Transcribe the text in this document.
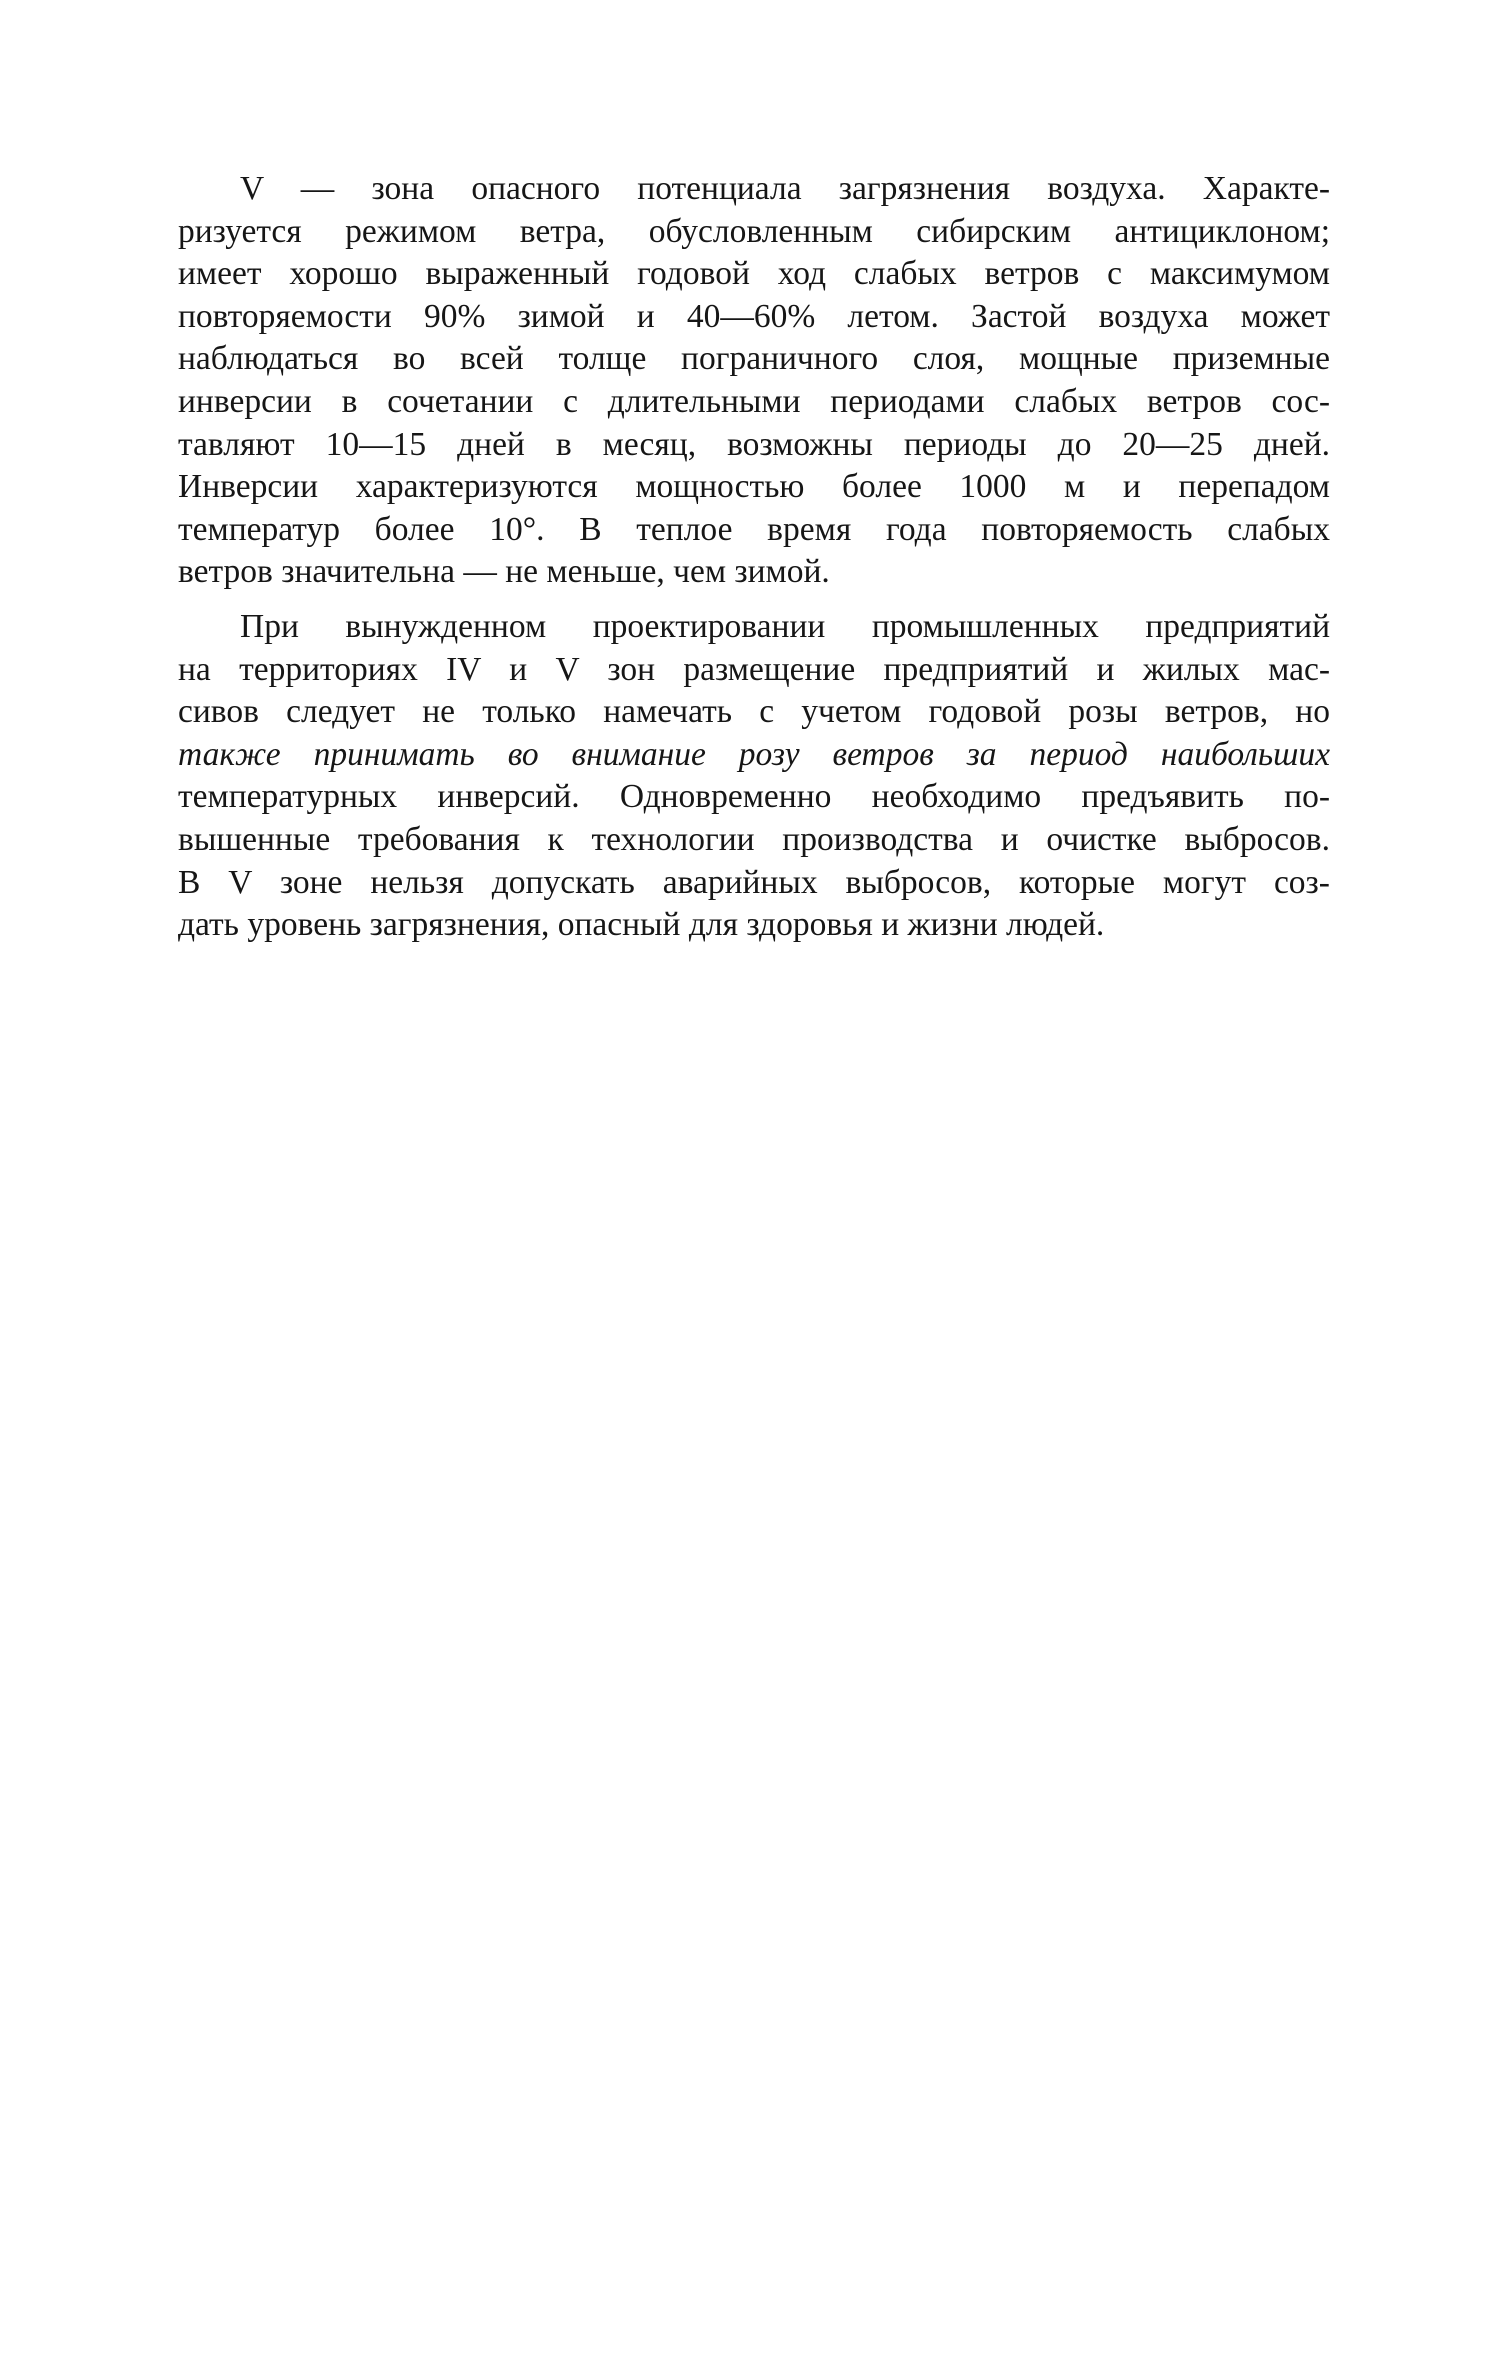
V — зона опасного потенциала загрязнения воздуха. Характе-
ризуется режимом ветра, обусловленным сибирским антициклоном;
имеет хорошо выраженный годовой ход слабых ветров с максимумом
повторяемости 90% зимой и 40—60% летом. Застой воздуха может
наблюдаться во всей толще пограничного слоя, мощные приземные
инверсии в сочетании с длительными периодами слабых ветров сос-
тавляют 10—15 дней в месяц, возможны периоды до 20—25 дней.
Инверсии характеризуются мощностью более 1000 м и перепадом
температур более 10°. В теплое время года повторяемость слабых
ветров значительна — не меньше, чем зимой.
При вынужденном проектировании промышленных предприятий
на территориях IV и V зон размещение предприятий и жилых мас-
сивов следует не только намечать с учетом годовой розы ветров, но
также принимать во внимание розу ветров за период наибольших
температурных инверсий. Одновременно необходимо предъявить по-
вышенные требования к технологии производства и очистке выбросов.
В V зоне нельзя допускать аварийных выбросов, которые могут соз-
дать уровень загрязнения, опасный для здоровья и жизни людей.
